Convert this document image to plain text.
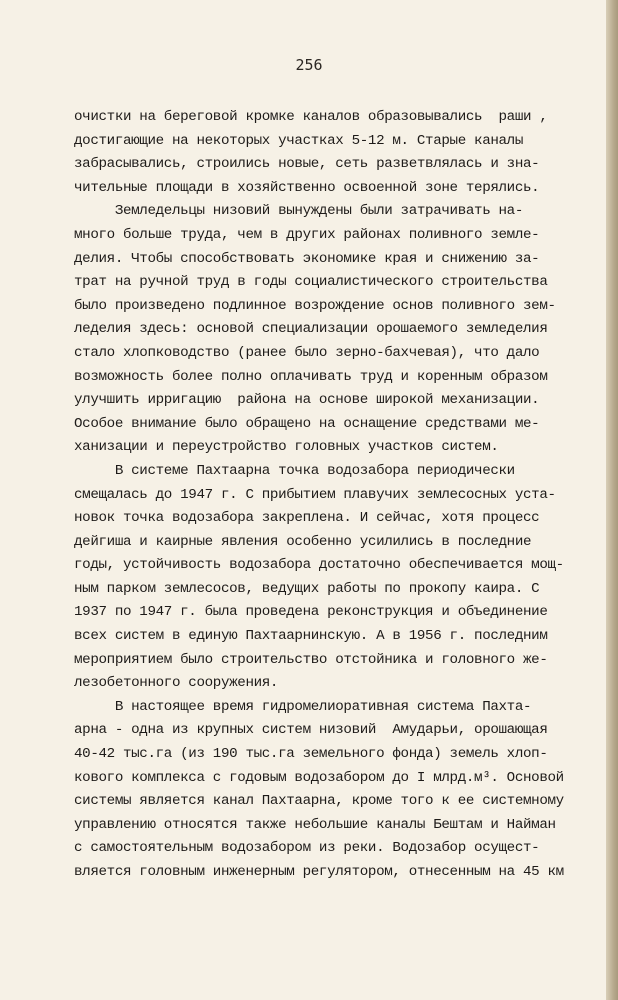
256
очистки на береговой кромке каналов образовывались  раши ,
достигающие на некоторых участках 5-12 м. Старые каналы
забрасывались, строились новые, сеть разветвлялась и зна-
чительные площади в хозяйственно освоенной зоне терялись.
Земледельцы низовий вынуждены были затрачивать на-
много больше труда, чем в других районах поливного земле-
делия. Чтобы способствовать экономике края и снижению за-
трат на ручной труд в годы социалистического строительства
было произведено подлинное возрождение основ поливного зем-
леделия здесь: основой специализации орошаемого земледелия
стало хлопководство (ранее было зерно-бахчевая), что дало
возможность более полно оплачивать труд и коренным образом
улучшить ирригацию  района на основе широкой механизации.
Особое внимание было обращено на оснащение средствами ме-
ханизации и переустройство головных участков систем.
В системе Пахтаарна точка водозабора периодически
смещалась до 1947 г. С прибытием плавучих землесосных уста-
новок точка водозабора закреплена. И сейчас, хотя процесс
дейгиша и каирные явления особенно усилились в последние
годы, устойчивость водозабора достаточно обеспечивается мощ-
ным парком землесосов, ведущих работы по прокопу каира. С
1937 по 1947 г. была проведена реконструкция и объединение
всех систем в единую Пахтаарнинскую. А в 1956 г. последним
мероприятием было строительство отстойника и головного же-
лезобетонного сооружения.
В настоящее время гидромелиоративная система Пахта-
арна - одна из крупных систем низовий  Амударьи, орошающая
40-42 тыс.га (из 190 тыс.га земельного фонда) земель хлоп-
кового комплекса с годовым водозабором до I млрд.м³. Основой
системы является канал Пахтаарна, кроме того к ее системному
управлению относятся также небольшие каналы Бештам и Найман
с самостоятельным водозабором из реки. Водозабор осущест-
вляется головным инженерным регулятором, отнесенным на 45 км
